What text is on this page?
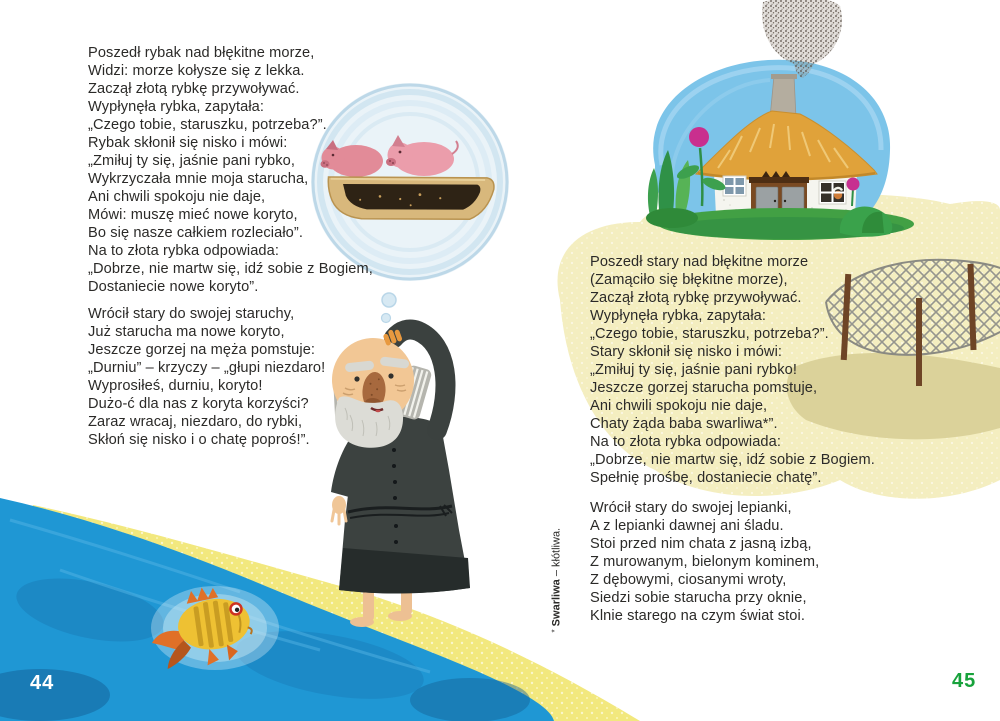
Poszedł rybak nad błękitne morze,
Widzi: morze kołysze się z lekka.
Zaczął złotą rybkę przywoływać.
Wypłynęła rybka, zapytała:
„Czego tobie, staruszku, potrzeba?”.
Rybak skłonił się nisko i mówi:
„Zmiłuj ty się, jaśnie pani rybko,
Wykrzyczała mnie moja starucha,
Ani chwili spokoju nie daje,
Mówi: muszę mieć nowe koryto,
Bo się nasze całkiem rozleciało”.
Na to złota rybka odpowiada:
„Dobrze, nie martw się, idź sobie z Bogiem,
Dostaniecie nowe koryto”.
Wrócił stary do swojej staruchy,
Już starucha ma nowe koryto,
Jeszcze gorzej na męża pomstuje:
„Durniu” – krzyczy – „głupi niezdaro!
Wyprosiłeś, durniu, koryto!
Dużo-ć dla nas z koryta korzyści?
Zaraz wracaj, niezdaro, do rybki,
Skłoń się nisko i o chatę poproś!”.
Poszedł stary nad błękitne morze
(Zamąciło się błękitne morze),
Zaczął złotą rybkę przywoływać.
Wypłynęła rybka, zapytała:
„Czego tobie, staruszku, potrzeba?”.
Stary skłonił się nisko i mówi:
„Zmiłuj ty się, jaśnie pani rybko!
Jeszcze gorzej starucha pomstuje,
Ani chwili spokoju nie daje,
Chaty żąda baba swarliwa*”.
Na to złota rybka odpowiada:
„Dobrze, nie martw się, idź sobie z Bogiem.
Spełnię prośbę, dostaniecie chatę”.
Wrócił stary do swojej lepianki,
A z lepianki dawnej ani śladu.
Stoi przed nim chata z jasną izbą,
Z murowanym, bielonym kominem,
Z dębowymi, ciosanymi wroty,
Siedzi sobie starucha przy oknie,
Klnie starego na czym świat stoi.
* Swarliwa – kłótliwa.
44	45
